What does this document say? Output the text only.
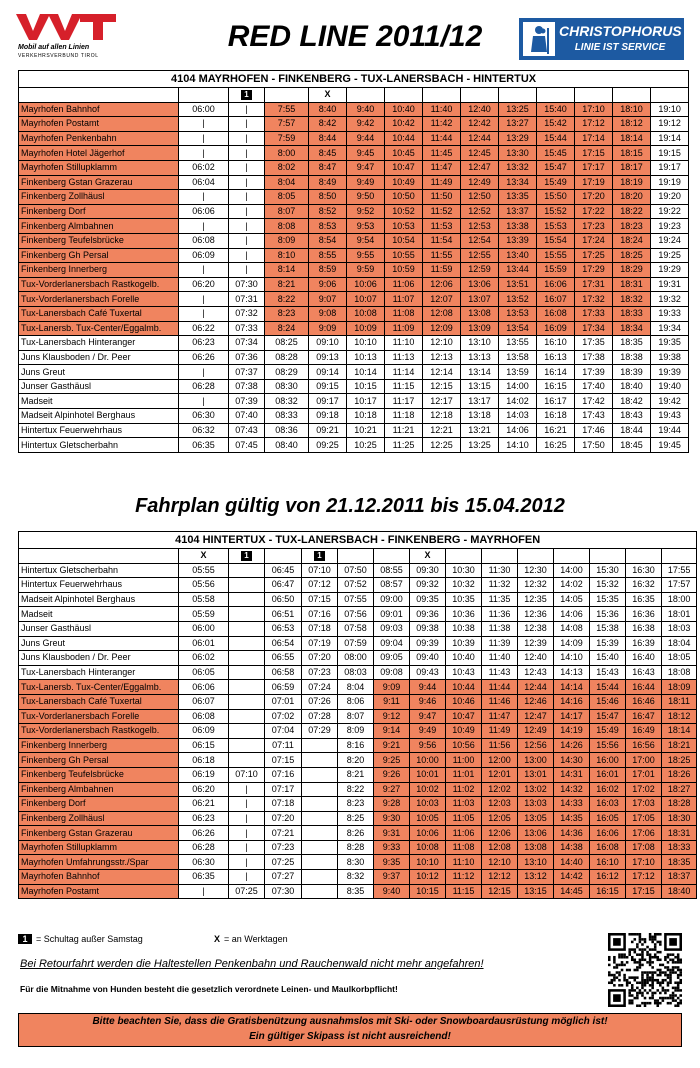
Mobil auf allen Linien
VERKEHRSVERBUND TIROL
RED LINE 2011/12	CHRISTOPHORUS
LINIE IST SERVICE
4104 MAYRHOFEN - FINKENBERG - TUX-LANERSBACH - HINTERTUX														
		1		X										
Mayrhofen Bahnhof	06:00	|	7:55	8:40	9:40	10:40	11:40	12:40	13:25	15:40	17:10	18:10	19:10	
Mayrhofen Postamt	|	|	7:57	8:42	9:42	10:42	11:42	12:42	13:27	15:42	17:12	18:12	19:12	
Mayrhofen Penkenbahn	|	|	7:59	8:44	9:44	10:44	11:44	12:44	13:29	15:44	17:14	18:14	19:14	
Mayrhofen Hotel Jägerhof	|	|	8:00	8:45	9:45	10:45	11:45	12:45	13:30	15:45	17:15	18:15	19:15	
Mayrhofen Stillupklamm	06:02	|	8:02	8:47	9:47	10:47	11:47	12:47	13:32	15:47	17:17	18:17	19:17	
Finkenberg Gstan Grazerau	06:04	|	8:04	8:49	9:49	10:49	11:49	12:49	13:34	15:49	17:19	18:19	19:19	
Finkenberg Zollhäusl	|	|	8:05	8:50	9:50	10:50	11:50	12:50	13:35	15:50	17:20	18:20	19:20	
Finkenberg Dorf	06:06	|	8:07	8:52	9:52	10:52	11:52	12:52	13:37	15:52	17:22	18:22	19:22	
Finkenberg Almbahnen	|	|	8:08	8:53	9:53	10:53	11:53	12:53	13:38	15:53	17:23	18:23	19:23	
Finkenberg Teufelsbrücke	06:08	|	8:09	8:54	9:54	10:54	11:54	12:54	13:39	15:54	17:24	18:24	19:24	
Finkenberg Gh Persal	06:09	|	8:10	8:55	9:55	10:55	11:55	12:55	13:40	15:55	17:25	18:25	19:25	
Finkenberg Innerberg	|	|	8:14	8:59	9:59	10:59	11:59	12:59	13:44	15:59	17:29	18:29	19:29	
Tux-Vorderlanersbach Rastkogelb.	06:20	07:30	8:21	9:06	10:06	11:06	12:06	13:06	13:51	16:06	17:31	18:31	19:31	
Tux-Vorderlanersbach Forelle	|	07:31	8:22	9:07	10:07	11:07	12:07	13:07	13:52	16:07	17:32	18:32	19:32	
Tux-Lanersbach Café Tuxertal	|	07:32	8:23	9:08	10:08	11:08	12:08	13:08	13:53	16:08	17:33	18:33	19:33	
Tux-Lanersb. Tux-Center/Eggalmb.	06:22	07:33	8:24	9:09	10:09	11:09	12:09	13:09	13:54	16:09	17:34	18:34	19:34	
Tux-Lanersbach Hinteranger	06:23	07:34	08:25	09:10	10:10	11:10	12:10	13:10	13:55	16:10	17:35	18:35	19:35	
Juns Klausboden / Dr. Peer	06:26	07:36	08:28	09:13	10:13	11:13	12:13	13:13	13:58	16:13	17:38	18:38	19:38	
Juns Greut	|	07:37	08:29	09:14	10:14	11:14	12:14	13:14	13:59	16:14	17:39	18:39	19:39	
Junser Gasthäusl	06:28	07:38	08:30	09:15	10:15	11:15	12:15	13:15	14:00	16:15	17:40	18:40	19:40	
Madseit	|	07:39	08:32	09:17	10:17	11:17	12:17	13:17	14:02	16:17	17:42	18:42	19:42	
Madseit Alpinhotel Berghaus	06:30	07:40	08:33	09:18	10:18	11:18	12:18	13:18	14:03	16:18	17:43	18:43	19:43	
Hintertux Feuerwehrhaus	06:32	07:43	08:36	09:21	10:21	11:21	12:21	13:21	14:06	16:21	17:46	18:44	19:44	
Hintertux Gletscherbahn	06:35	07:45	08:40	09:25	10:25	11:25	12:25	13:25	14:10	16:25	17:50	18:45	19:45	
Fahrplan gültig von 21.12.2011 bis 15.04.2012
4104 HINTERTUX - TUX-LANERSBACH - FINKENBERG - MAYRHOFEN															
	X	1		1			X								
Hintertux Gletscherbahn	05:55		06:45	07:10	07:50	08:55	09:30	10:30	11:30	12:30	14:00	15:30	16:30	17:55	
Hintertux Feuerwehrhaus	05:56		06:47	07:12	07:52	08:57	09:32	10:32	11:32	12:32	14:02	15:32	16:32	17:57	
Madseit Alpinhotel Berghaus	05:58		06:50	07:15	07:55	09:00	09:35	10:35	11:35	12:35	14:05	15:35	16:35	18:00	
Madseit	05:59		06:51	07:16	07:56	09:01	09:36	10:36	11:36	12:36	14:06	15:36	16:36	18:01	
Junser Gasthäusl	06:00		06:53	07:18	07:58	09:03	09:38	10:38	11:38	12:38	14:08	15:38	16:38	18:03	
Juns Greut	06:01		06:54	07:19	07:59	09:04	09:39	10:39	11:39	12:39	14:09	15:39	16:39	18:04	
Juns Klausboden / Dr. Peer	06:02		06:55	07:20	08:00	09:05	09:40	10:40	11:40	12:40	14:10	15:40	16:40	18:05	
Tux-Lanersbach Hinteranger	06:05		06:58	07:23	08:03	09:08	09:43	10:43	11:43	12:43	14:13	15:43	16:43	18:08	
Tux-Lanersb. Tux-Center/Eggalmb.	06:06		06:59	07:24	8:04	9:09	9:44	10:44	11:44	12:44	14:14	15:44	16:44	18:09	
Tux-Lanersbach Café Tuxertal	06:07		07:01	07:26	8:06	9:11	9:46	10:46	11:46	12:46	14:16	15:46	16:46	18:11	
Tux-Vorderlanersbach Forelle	06:08		07:02	07:28	8:07	9:12	9:47	10:47	11:47	12:47	14:17	15:47	16:47	18:12	
Tux-Vorderlanersbach Rastkogelb.	06:09		07:04	07:29	8:09	9:14	9:49	10:49	11:49	12:49	14:19	15:49	16:49	18:14	
Finkenberg Innerberg	06:15		07:11		8:16	9:21	9:56	10:56	11:56	12:56	14:26	15:56	16:56	18:21	
Finkenberg Gh Persal	06:18		07:15		8:20	9:25	10:00	11:00	12:00	13:00	14:30	16:00	17:00	18:25	
Finkenberg Teufelsbrücke	06:19	07:10	07:16		8:21	9:26	10:01	11:01	12:01	13:01	14:31	16:01	17:01	18:26	
Finkenberg Almbahnen	06:20	|	07:17		8:22	9:27	10:02	11:02	12:02	13:02	14:32	16:02	17:02	18:27	
Finkenberg Dorf	06:21	|	07:18		8:23	9:28	10:03	11:03	12:03	13:03	14:33	16:03	17:03	18:28	
Finkenberg Zollhäusl	06:23	|	07:20		8:25	9:30	10:05	11:05	12:05	13:05	14:35	16:05	17:05	18:30	
Finkenberg Gstan Grazerau	06:26	|	07:21		8:26	9:31	10:06	11:06	12:06	13:06	14:36	16:06	17:06	18:31	
Mayrhofen Stillupklamm	06:28	|	07:23		8:28	9:33	10:08	11:08	12:08	13:08	14:38	16:08	17:08	18:33	
Mayrhofen Umfahrungsstr./Spar	06:30	|	07:25		8:30	9:35	10:10	11:10	12:10	13:10	14:40	16:10	17:10	18:35	
Mayrhofen Bahnhof	06:35	|	07:27		8:32	9:37	10:12	11:12	12:12	13:12	14:42	16:12	17:12	18:37	
Mayrhofen Postamt	|	07:25	07:30		8:35	9:40	10:15	11:15	12:15	13:15	14:45	16:15	17:15	18:40	
1 = Schultag außer Samstag	X = an Werktagen
Bei Retourfahrt werden die Haltestellen Penkenbahn und Rauchenwald nicht mehr angefahren!
Für die Mitnahme von Hunden besteht die gesetzlich verordnete Leinen- und Maulkorbpflicht!
Bitte beachten Sie, dass die Gratisbenützung ausnahmslos mit Ski- oder Snowboardausrüstung möglich ist!
Ein gültiger Skipass ist nicht ausreichend!
